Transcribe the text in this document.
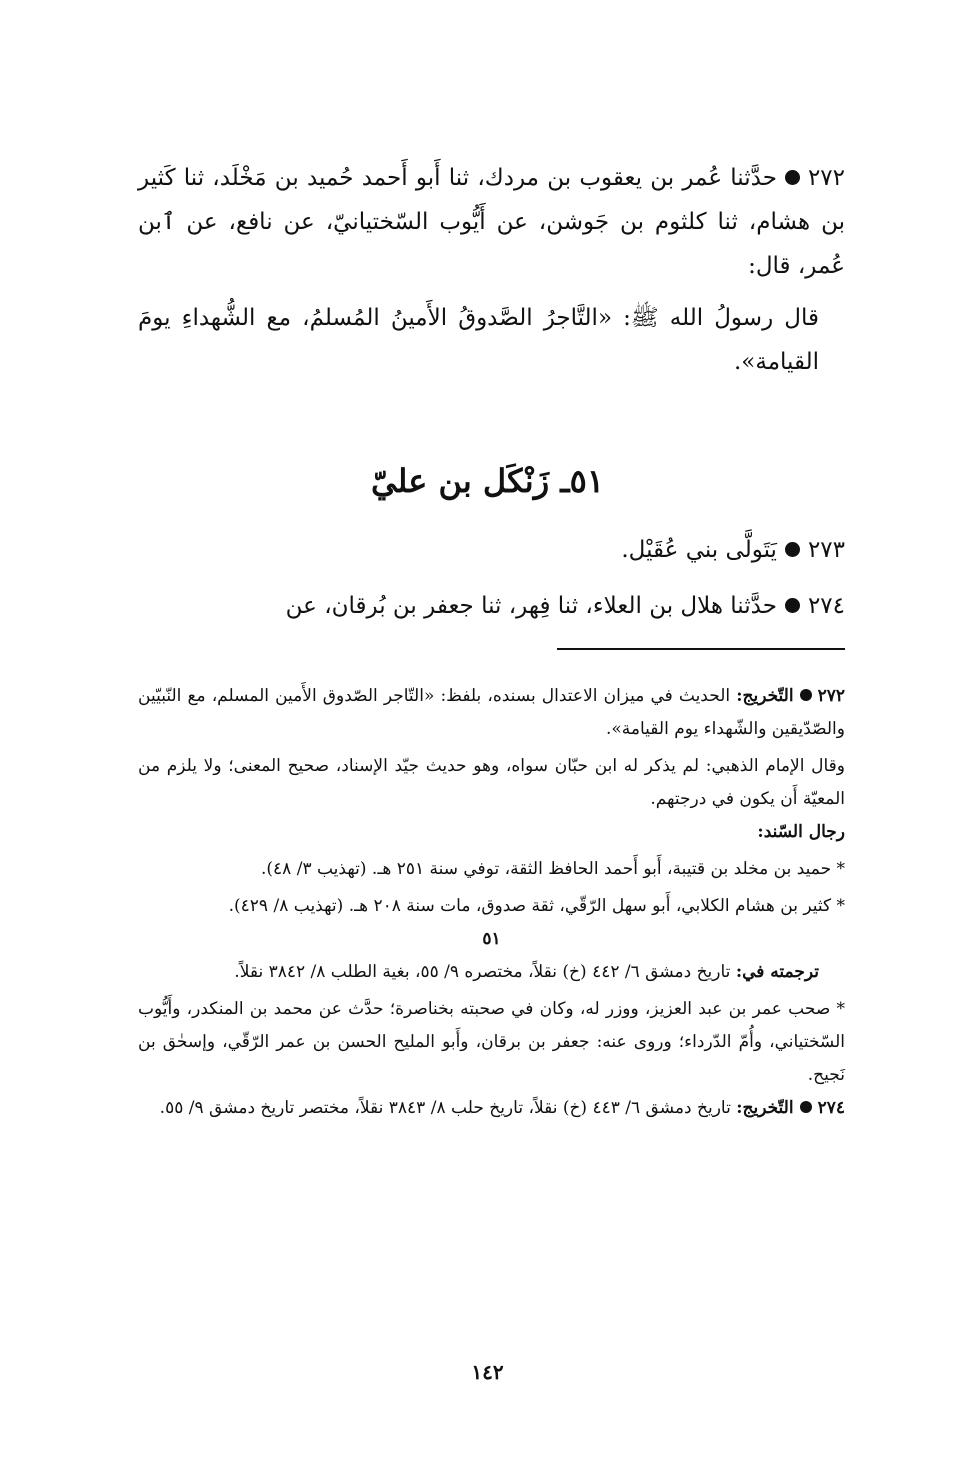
٢٧٢حدَّثنا عُمر بن يعقوب بن مردك، ثنا أَبو أَحمد حُميد بن مَخْلَد، ثنا كَثير بن هشام، ثنا كلثوم بن جَوشن، عن أَيُّوب السّختيانيّ، عن نافع، عن ٱبن عُمر، قال:

قال رسولُ الله ﷺ: «التَّاجرُ الصَّدوقُ الأَمينُ المُسلمُ، مع الشُّهداءِ يومَ القيامة».

٥١ـ زَنْكَل بن عليّ

٢٧٣يَتَولَّى بني عُقَيْل.

٢٧٤حدَّثنا هلال بن العلاء، ثنا فِهر، ثنا جعفر بن بُرقان، عن

٢٧٢التّخريج: الحديث في ميزان الاعتدال بسنده، بلفظ: «التّاجر الصّدوق الأَمين المسلم، مع النّبيّين والصّدّيقين والشّهداء يوم القيامة».

وقال الإمام الذهبي: لم يذكر له ابن حبّان سواه، وهو حديث جيّد الإسناد، صحيح المعنى؛ ولا يلزم من المعيّة أَن يكون في درجتهم.

رجال السّند:

* حميد بن مخلد بن قتيبة، أَبو أَحمد الحافظ الثقة، توفي سنة ٢٥١ هـ. (تهذيب ٣/ ٤٨).

* كثير بن هشام الكلابي، أَبو سهل الرّقّي، ثقة صدوق، مات سنة ٢٠٨ هـ. (تهذيب ٨/ ٤٢٩).

٥١

ترجمته في: تاريخ دمشق ٦/ ٤٤٢ (خ) نقلاً، مختصره ٩/ ٥٥، بغية الطلب ٨/ ٣٨٤٢ نقلاً.

* صحب عمر بن عبد العزيز، ووزر له، وكان في صحبته بخناصرة؛ حدَّث عن محمد بن المنكدر، وأَيُّوب السّختياني، وأُمّ الدّرداء؛ وروى عنه: جعفر بن برقان، وأَبو المليح الحسن بن عمر الرّقّي، وإسحٰق بن نَجيح.

٢٧٤التّخريج: تاريخ دمشق ٦/ ٤٤٣ (خ) نقلاً، تاريخ حلب ٨/ ٣٨٤٣ نقلاً، مختصر تاريخ دمشق ٩/ ٥٥.

١٤٢
